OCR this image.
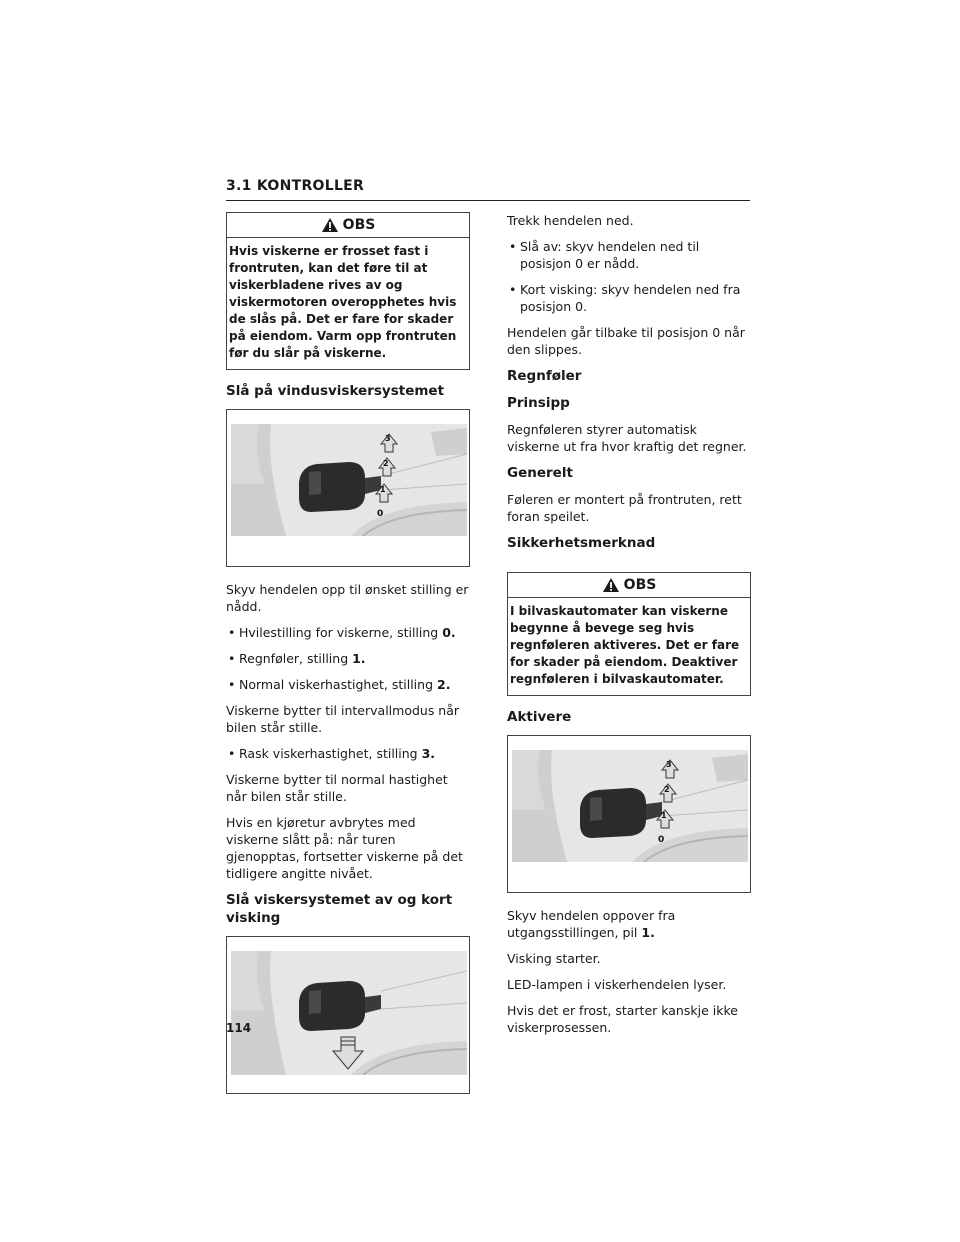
3.1 KONTROLLER
OBS
Hvis viskerne er frosset fast i frontruten, kan det føre til at viskerbladene rives av og viskermotoren overopphetes hvis de slås på. Det er fare for skader på eiendom. Varm opp frontruten før du slår på viskerne.
Slå på vindusviskersystemet
3
2
1
0

Skyv hendelen opp til ønsket stilling er nådd.

• Hvilestilling for viskerne, stilling 0.
• Regnføler, stilling 1.
• Normal viskerhastighet, stilling 2.

Viskerne bytter til intervallmodus når bilen står stille.

• Rask viskerhastighet, stilling 3.

Viskerne bytter til normal hastighet når bilen står stille.

Hvis en kjøretur avbrytes med viskerne slått på: når turen gjenopptas, fortsetter viskerne på det tidligere angitte nivået.

Slå viskersystemet av og kort visking

Trekk hendelen ned.

• Slå av: skyv hendelen ned til posisjon 0 er nådd.
• Kort visking: skyv hendelen ned fra posisjon 0.

Hendelen går tilbake til posisjon 0 når den slippes.

Regnføler
Prinsipp

Regnføleren styrer automatisk viskerne ut fra hvor kraftig det regner.

Generelt

Føleren er montert på frontruten, rett foran speilet.

Sikkerhetsmerknad
OBS
I bilvaskautomater kan viskerne begynne å bevege seg hvis regnføleren aktiveres. Det er fare for skader på eiendom. Deaktiver regnføleren i bilvaskautomater.
Aktivere
3
2
1
0

Skyv hendelen oppover fra utgangsstillingen, pil 1.

Visking starter.

LED-lampen i viskerhendelen lyser.

Hvis det er frost, starter kanskje ikke viskerprosessen.

114
